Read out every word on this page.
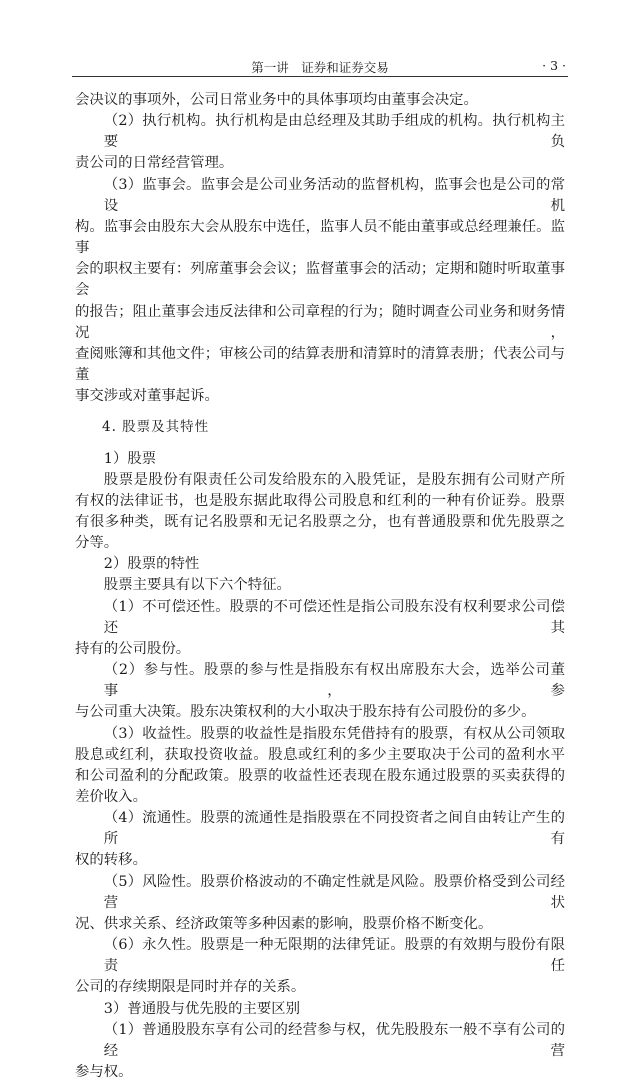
第一讲　证券和证券交易	· 3 ·
会决议的事项外，公司日常业务中的具体事项均由董事会决定。
（2）执行机构。执行机构是由总经理及其助手组成的机构。执行机构主要负
责公司的日常经营管理。
（3）监事会。监事会是公司业务活动的监督机构，监事会也是公司的常设机
构。监事会由股东大会从股东中选任，监事人员不能由董事或总经理兼任。监事
会的职权主要有：列席董事会会议；监督董事会的活动；定期和随时听取董事会
的报告；阻止董事会违反法律和公司章程的行为；随时调查公司业务和财务情况，
查阅账簿和其他文件；审核公司的结算表册和清算时的清算表册；代表公司与董
事交涉或对董事起诉。
4. 股票及其特性
1）股票
股票是股份有限责任公司发给股东的入股凭证，是股东拥有公司财产所
有权的法律证书，也是股东据此取得公司股息和红利的一种有价证券。股票
有很多种类，既有记名股票和无记名股票之分，也有普通股票和优先股票之
分等。
2）股票的特性
股票主要具有以下六个特征。
（1）不可偿还性。股票的不可偿还性是指公司股东没有权利要求公司偿还其
持有的公司股份。
（2）参与性。股票的参与性是指股东有权出席股东大会，选举公司董事，参
与公司重大决策。股东决策权利的大小取决于股东持有公司股份的多少。
（3）收益性。股票的收益性是指股东凭借持有的股票，有权从公司领取
股息或红利，获取投资收益。股息或红利的多少主要取决于公司的盈利水平
和公司盈利的分配政策。股票的收益性还表现在股东通过股票的买卖获得的
差价收入。
（4）流通性。股票的流通性是指股票在不同投资者之间自由转让产生的所有
权的转移。
（5）风险性。股票价格波动的不确定性就是风险。股票价格受到公司经营状
况、供求关系、经济政策等多种因素的影响，股票价格不断变化。
（6）永久性。股票是一种无限期的法律凭证。股票的有效期与股份有限责任
公司的存续期限是同时并存的关系。
3）普通股与优先股的主要区别
（1）普通股股东享有公司的经营参与权，优先股股东一般不享有公司的经营
参与权。
